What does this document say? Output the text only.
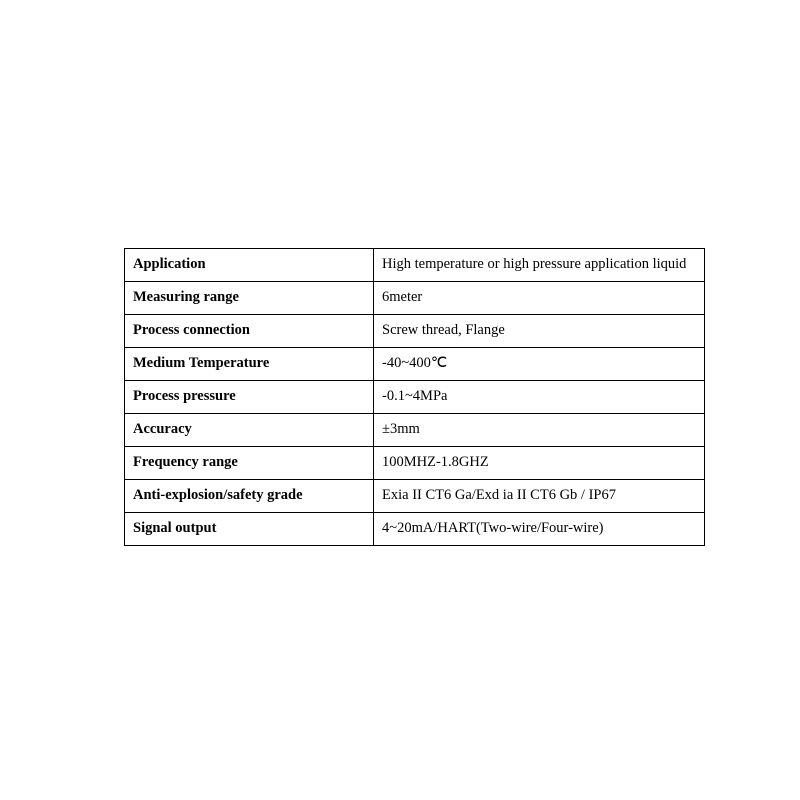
Application	High temperature or high pressure application liquid
Measuring range	6meter
Process connection	Screw thread, Flange
Medium Temperature	-40~400℃
Process pressure	-0.1~4MPa
Accuracy	±3mm
Frequency range	100MHZ-1.8GHZ
Anti-explosion/safety grade	Exia II CT6 Ga/Exd ia II CT6 Gb / IP67
Signal output	4~20mA/HART(Two-wire/Four-wire)
